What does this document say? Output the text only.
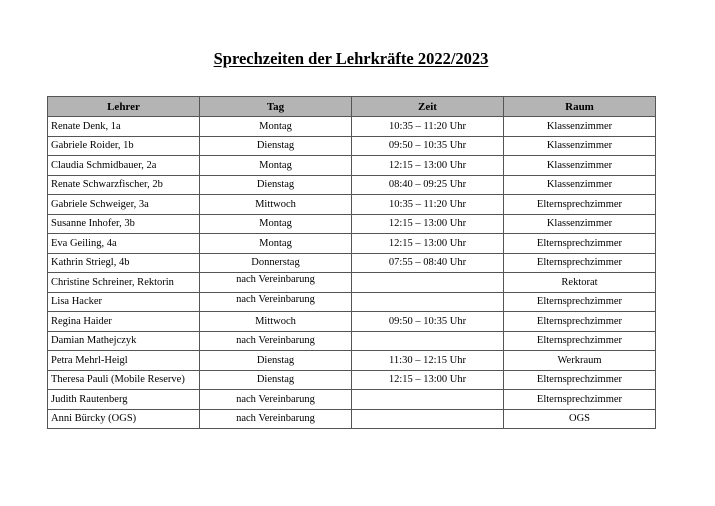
Sprechzeiten der Lehrkräfte 2022/2023
Lehrer	Tag	Zeit	Raum
Renate Denk, 1a	Montag	10:35 – 11:20 Uhr	Klassenzimmer
Gabriele Roider, 1b	Dienstag	09:50 – 10:35 Uhr	Klassenzimmer
Claudia Schmidbauer, 2a	Montag	12:15 – 13:00 Uhr	Klassenzimmer
Renate Schwarzfischer, 2b	Dienstag	08:40 – 09:25 Uhr	Klassenzimmer
Gabriele Schweiger, 3a	Mittwoch	10:35 – 11:20 Uhr	Elternsprechzimmer
Susanne Inhofer, 3b	Montag	12:15 – 13:00 Uhr	Klassenzimmer
Eva Geiling, 4a	Montag	12:15 – 13:00 Uhr	Elternsprechzimmer
Kathrin Striegl, 4b	Donnerstag	07:55 – 08:40 Uhr	Elternsprechzimmer
Christine Schreiner, Rektorin	nach Vereinbarung		Rektorat
Lisa Hacker	nach Vereinbarung		Elternsprechzimmer
Regina Haider	Mittwoch	09:50 – 10:35 Uhr	Elternsprechzimmer
Damian Mathejczyk	nach Vereinbarung		Elternsprechzimmer
Petra Mehrl-Heigl	Dienstag	11:30 – 12:15 Uhr	Werkraum
Theresa Pauli (Mobile Reserve)	Dienstag	12:15 – 13:00 Uhr	Elternsprechzimmer
Judith Rautenberg	nach Vereinbarung		Elternsprechzimmer
Anni Bürcky (OGS)	nach Vereinbarung		OGS
